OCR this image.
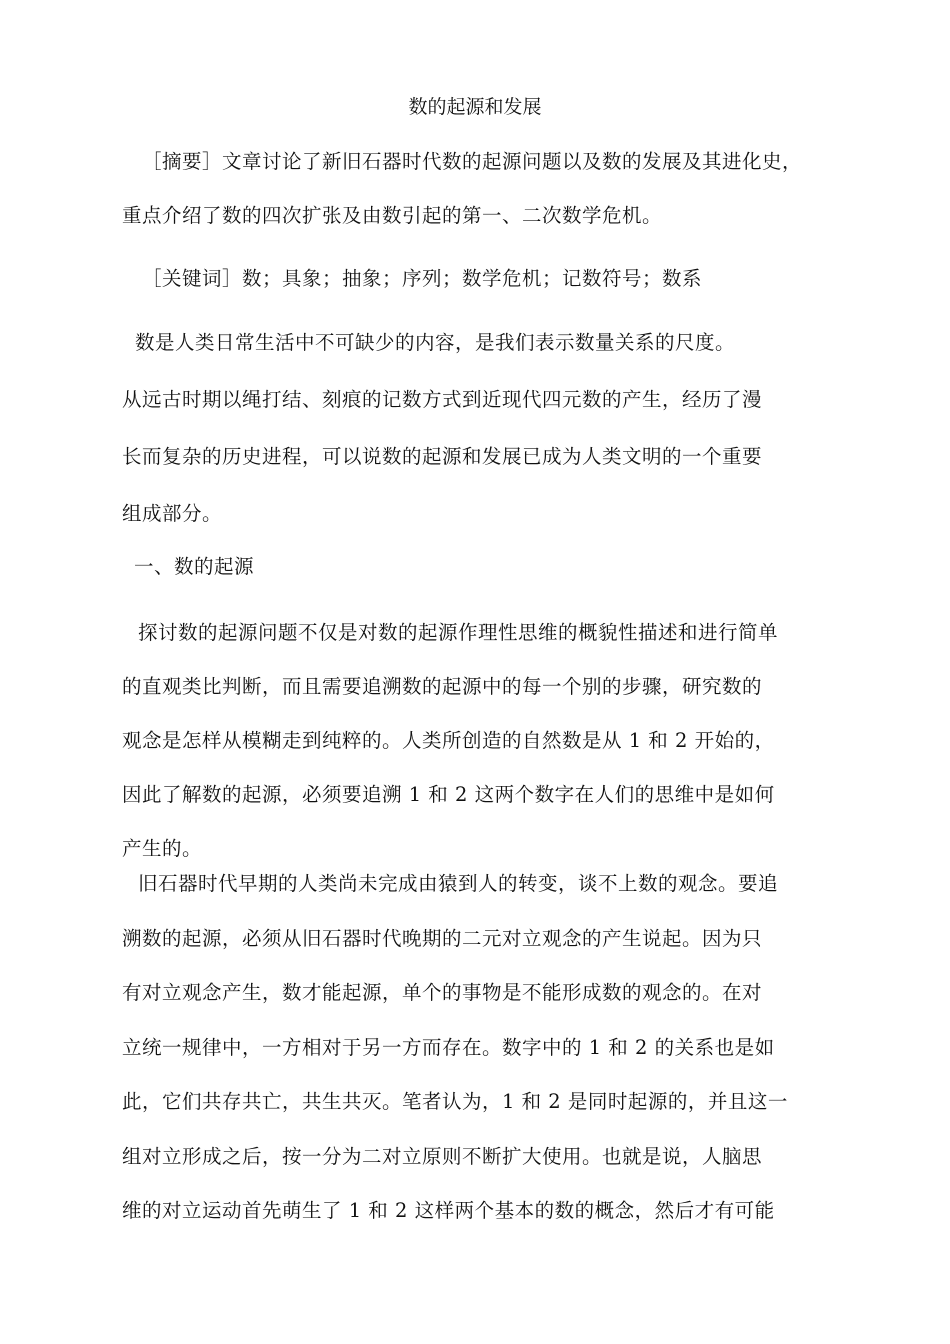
数的起源和发展
［摘要］文章讨论了新旧石器时代数的起源问题以及数的发展及其进化史，
重点介绍了数的四次扩张及由数引起的第一、二次数学危机。
［关键词］数；具象；抽象；序列；数学危机；记数符号；数系
数是人类日常生活中不可缺少的内容，是我们表示数量关系的尺度。
从远古时期以绳打结、刻痕的记数方式到近现代四元数的产生，经历了漫
长而复杂的历史进程，可以说数的起源和发展已成为人类文明的一个重要
组成部分。
一、数的起源
探讨数的起源问题不仅是对数的起源作理性思维的概貌性描述和进行简单
的直观类比判断，而且需要追溯数的起源中的每一个别的步骤，研究数的
观念是怎样从模糊走到纯粹的。人类所创造的自然数是从 1 和 2 开始的，
因此了解数的起源，必须要追溯 1 和 2 这两个数字在人们的思维中是如何
产生的。
旧石器时代早期的人类尚未完成由猿到人的转变，谈不上数的观念。要追
溯数的起源，必须从旧石器时代晚期的二元对立观念的产生说起。因为只
有对立观念产生，数才能起源，单个的事物是不能形成数的观念的。在对
立统一规律中，一方相对于另一方而存在。数字中的 1 和 2 的关系也是如
此，它们共存共亡，共生共灭。笔者认为，1 和 2 是同时起源的，并且这一
组对立形成之后，按一分为二对立原则不断扩大使用。也就是说，人脑思
维的对立运动首先萌生了 1 和 2 这样两个基本的数的概念，然后才有可能
